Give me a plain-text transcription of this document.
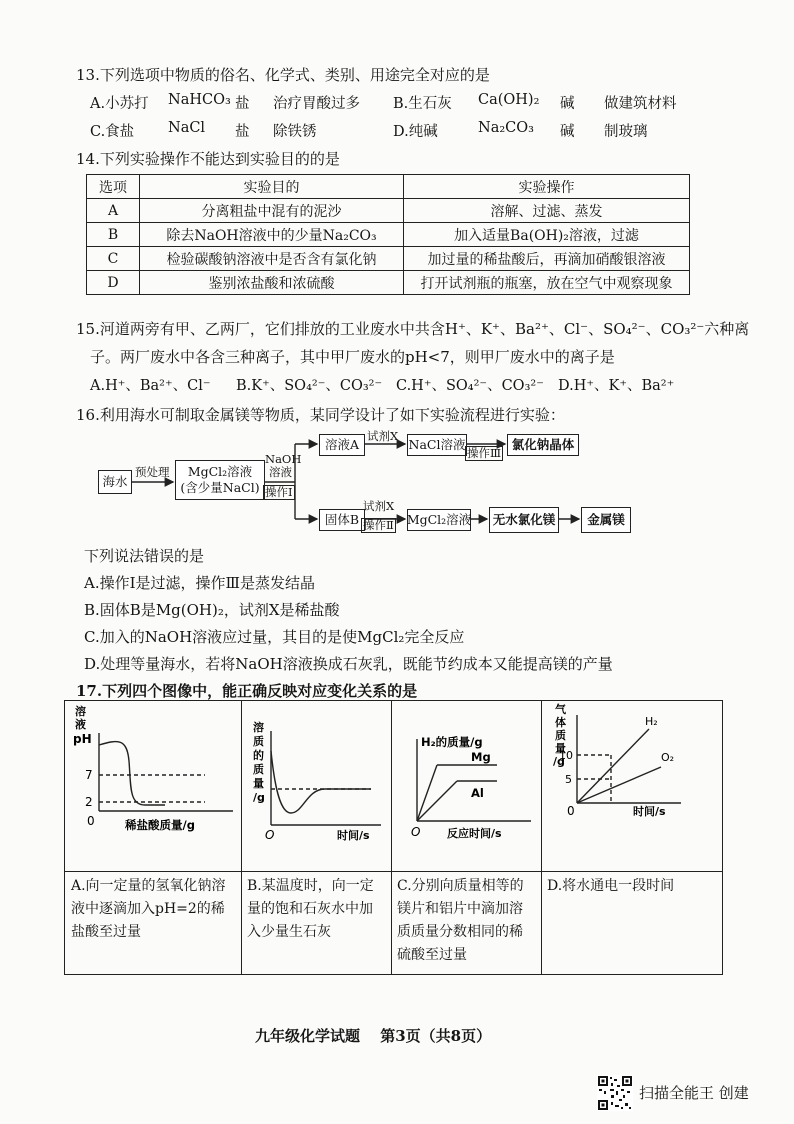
13.下列选项中物质的俗名、化学式、类别、用途完全对应的是
A.小苏打 NaHCO₃ 盐 治疗胃酸过多 B.生石灰 Ca(OH)₂ 碱 做建筑材料
C.食盐 NaCl 盐 除铁锈	D.纯碱	Na₂CO₃ 碱 制玻璃
14.下列实验操作不能达到实验目的的是
选项	实验目的	实验操作
A	分离粗盐中混有的泥沙	溶解、过滤、蒸发
B	除去NaOH溶液中的少量Na₂CO₃	加入适量Ba(OH)₂溶液，过滤
C	检验碳酸钠溶液中是否含有氯化钠	加过量的稀盐酸后，再滴加硝酸银溶液
D	鉴别浓盐酸和浓硫酸	打开试剂瓶的瓶塞，放在空气中观察现象
15.河道两旁有甲、乙两厂，它们排放的工业废水中共含H⁺、K⁺、Ba²⁺、Cl⁻、SO₄²⁻、CO₃²⁻六种离
子。两厂废水中各含三种离子，其中甲厂废水的pH<7，则甲厂废水中的离子是
A.H⁺、Ba²⁺、Cl⁻ B.K⁺、SO₄²⁻、CO₃²⁻ C.H⁺、SO₄²⁻、CO₃²⁻ D.H⁺、K⁺、Ba²⁺
16.利用海水可制取金属镁等物质，某同学设计了如下实验流程进行实验：
海水
预处理 MgCl₂溶液
(含少量NaCl)
NaOH
溶液
操作Ⅰ
溶液A
试剂X
NaCl溶液
操作Ⅲ
氯化钠晶体
固体B
试剂X
操作Ⅱ MgCl₂溶液 无水氯化镁	金属镁
下列说法错误的是
A.操作Ⅰ是过滤，操作Ⅲ是蒸发结晶
B.固体B是Mg(OH)₂，试剂X是稀盐酸
C.加入的NaOH溶液应过量，其目的是使MgCl₂完全反应
D.处理等量海水，若将NaOH溶液换成石灰乳，既能节约成本又能提高镁的产量
17.下列四个图像中，能正确反映对应变化关系的是
溶
液
pH
7
2
0	稀盐酸质量/g
A.向一定量的氢氧化钠溶液中逐滴加入pH=2的稀盐酸至过量
溶
质
的
质
量
/g
O	时间/s
B.某温度时，向一定量的饱和石灰水中加入少量生石灰
H₂的质量/g
Mg
Al
O 反应时间/s
C.分别向质量相等的镁片和铝片中滴加溶质质量分数相同的稀硫酸至过量
气
体
质
量
/g
10
5
0
H₂
O₂
时间/s
D.将水通电一段时间
九年级化学试题　 第3页（共8页）
扫描全能王 创建
